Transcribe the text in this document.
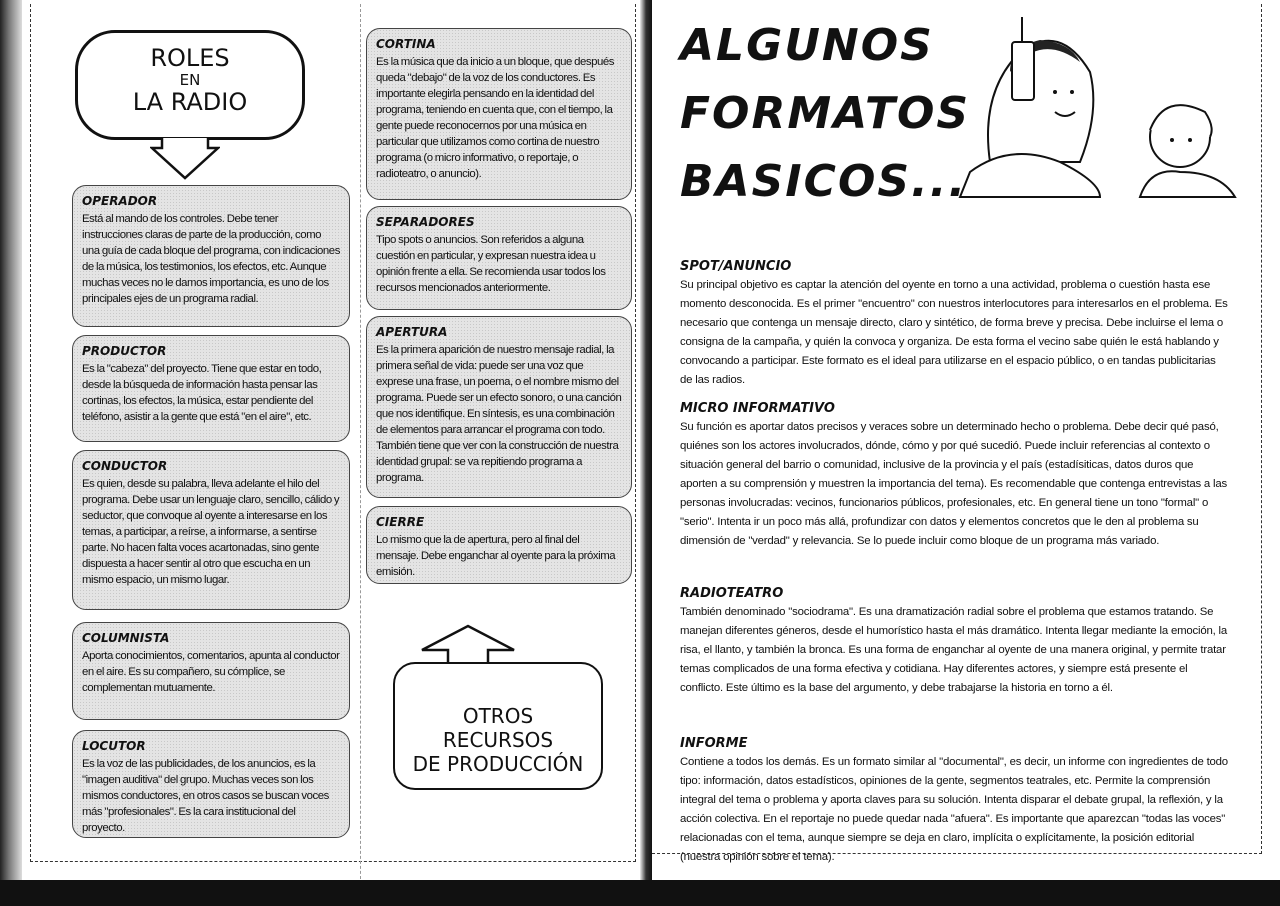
ROLES
EN
LA RADIO
OPERADOR

Está al mando de los controles. Debe tener instrucciones claras de parte de la producción, como una guía de cada bloque del programa, con indicaciones de la música, los testimonios, los efectos, etc. Aunque muchas veces no le damos importancia, es uno de los principales ejes de un programa radial.

PRODUCTOR

Es la "cabeza" del proyecto. Tiene que estar en todo, desde la búsqueda de información hasta pensar las cortinas, los efectos, la música, estar pendiente del teléfono, asistir a la gente que está "en el aire", etc.

CONDUCTOR

Es quien, desde su palabra, lleva adelante el hilo del programa. Debe usar un lenguaje claro, sencillo, cálido y seductor, que convoque al oyente a interesarse en los temas, a participar, a reírse, a informarse, a sentirse parte. No hacen falta voces acartonadas, sino gente dispuesta a hacer sentir al otro que escucha en un mismo espacio, un mismo lugar.

COLUMNISTA

Aporta conocimientos, comentarios, apunta al conductor en el aire. Es su compañero, su cómplice, se complementan mutuamente.

LOCUTOR

Es la voz de las publicidades, de los anuncios, es la "imagen auditiva" del grupo. Muchas veces son los mismos conductores, en otros casos se buscan voces más "profesionales". Es la cara institucional del proyecto.

CORTINA

Es la música que da inicio a un bloque, que después queda "debajo" de la voz de los conductores. Es importante elegirla pensando en la identidad del programa, teniendo en cuenta que, con el tiempo, la gente puede reconocernos por una música en particular que utilizamos como cortina de nuestro programa (o micro informativo, o reportaje, o radioteatro, o anuncio).

SEPARADORES

Tipo spots o anuncios. Son referidos a alguna cuestión en particular, y expresan nuestra idea u opinión frente a ella. Se recomienda usar todos los recursos mencionados anteriormente.

APERTURA

Es la primera aparición de nuestro mensaje radial, la primera señal de vida: puede ser una voz que exprese una frase, un poema, o el nombre mismo del programa. Puede ser un efecto sonoro, o una canción que nos identifique. En síntesis, es una combinación de elementos para arrancar el programa con todo. También tiene que ver con la construcción de nuestra identidad grupal: se va repitiendo programa a programa.

CIERRE

Lo mismo que la de apertura, pero al final del mensaje. Debe enganchar al oyente para la próxima emisión.

OTROS
RECURSOS
DE PRODUCCIÓN
ALGUNOS
FORMATOS
BASICOS...
SPOT/ANUNCIO

Su principal objetivo es captar la atención del oyente en torno a una actividad, problema o cuestión hasta ese momento desconocida. Es el primer "encuentro" con nuestros interlocutores para interesarlos en el problema. Es necesario que contenga un mensaje directo, claro y sintético, de forma breve y precisa. Debe incluirse el lema o consigna de la campaña, y quién la convoca y organiza. De esta forma el vecino sabe quién le está hablando y convocando a participar. Este formato es el ideal para utilizarse en el espacio público, o en tandas publicitarias de las radios.

MICRO INFORMATIVO

Su función es aportar datos precisos y veraces sobre un determinado hecho o problema. Debe decir qué pasó, quiénes son los actores involucrados, dónde, cómo y por qué sucedió. Puede incluir referencias al contexto o situación general del barrio o comunidad, inclusive de la provincia y el país (estadísiticas, datos duros que aporten a su comprensión y muestren la importancia del tema). Es recomendable que contenga entrevistas a las personas involucradas: vecinos, funcionarios públicos, profesionales, etc. En general tiene un tono "formal" o "serio". Intenta ir un poco más allá, profundizar con datos y elementos concretos que le den al problema su dimensión de "verdad" y relevancia. Se lo puede incluir como bloque de un programa más variado.

RADIOTEATRO

También denominado "sociodrama". Es una dramatización radial sobre el problema que estamos tratando. Se manejan diferentes géneros, desde el humorístico hasta el más dramático. Intenta llegar mediante la emoción, la risa, el llanto, y también la bronca. Es una forma de enganchar al oyente de una manera original, y permite tratar temas complicados de una forma efectiva y cotidiana. Hay diferentes actores, y siempre está presente el conflicto. Este último es la base del argumento, y debe trabajarse la historia en torno a él.

INFORME

Contiene a todos los demás. Es un formato similar al "documental", es decir, un informe con ingredientes de todo tipo: información, datos estadísticos, opiniones de la gente, segmentos teatrales, etc. Permite la comprensión integral del tema o problema y aporta claves para su solución. Intenta disparar el debate grupal, la reflexión, y la acción colectiva. En el reportaje no puede quedar nada "afuera". Es importante que aparezcan "todas las voces" relacionadas con el tema, aunque siempre se deja en claro, implícita o explícitamente, la posición editorial (nuestra opinión sobre el tema).
